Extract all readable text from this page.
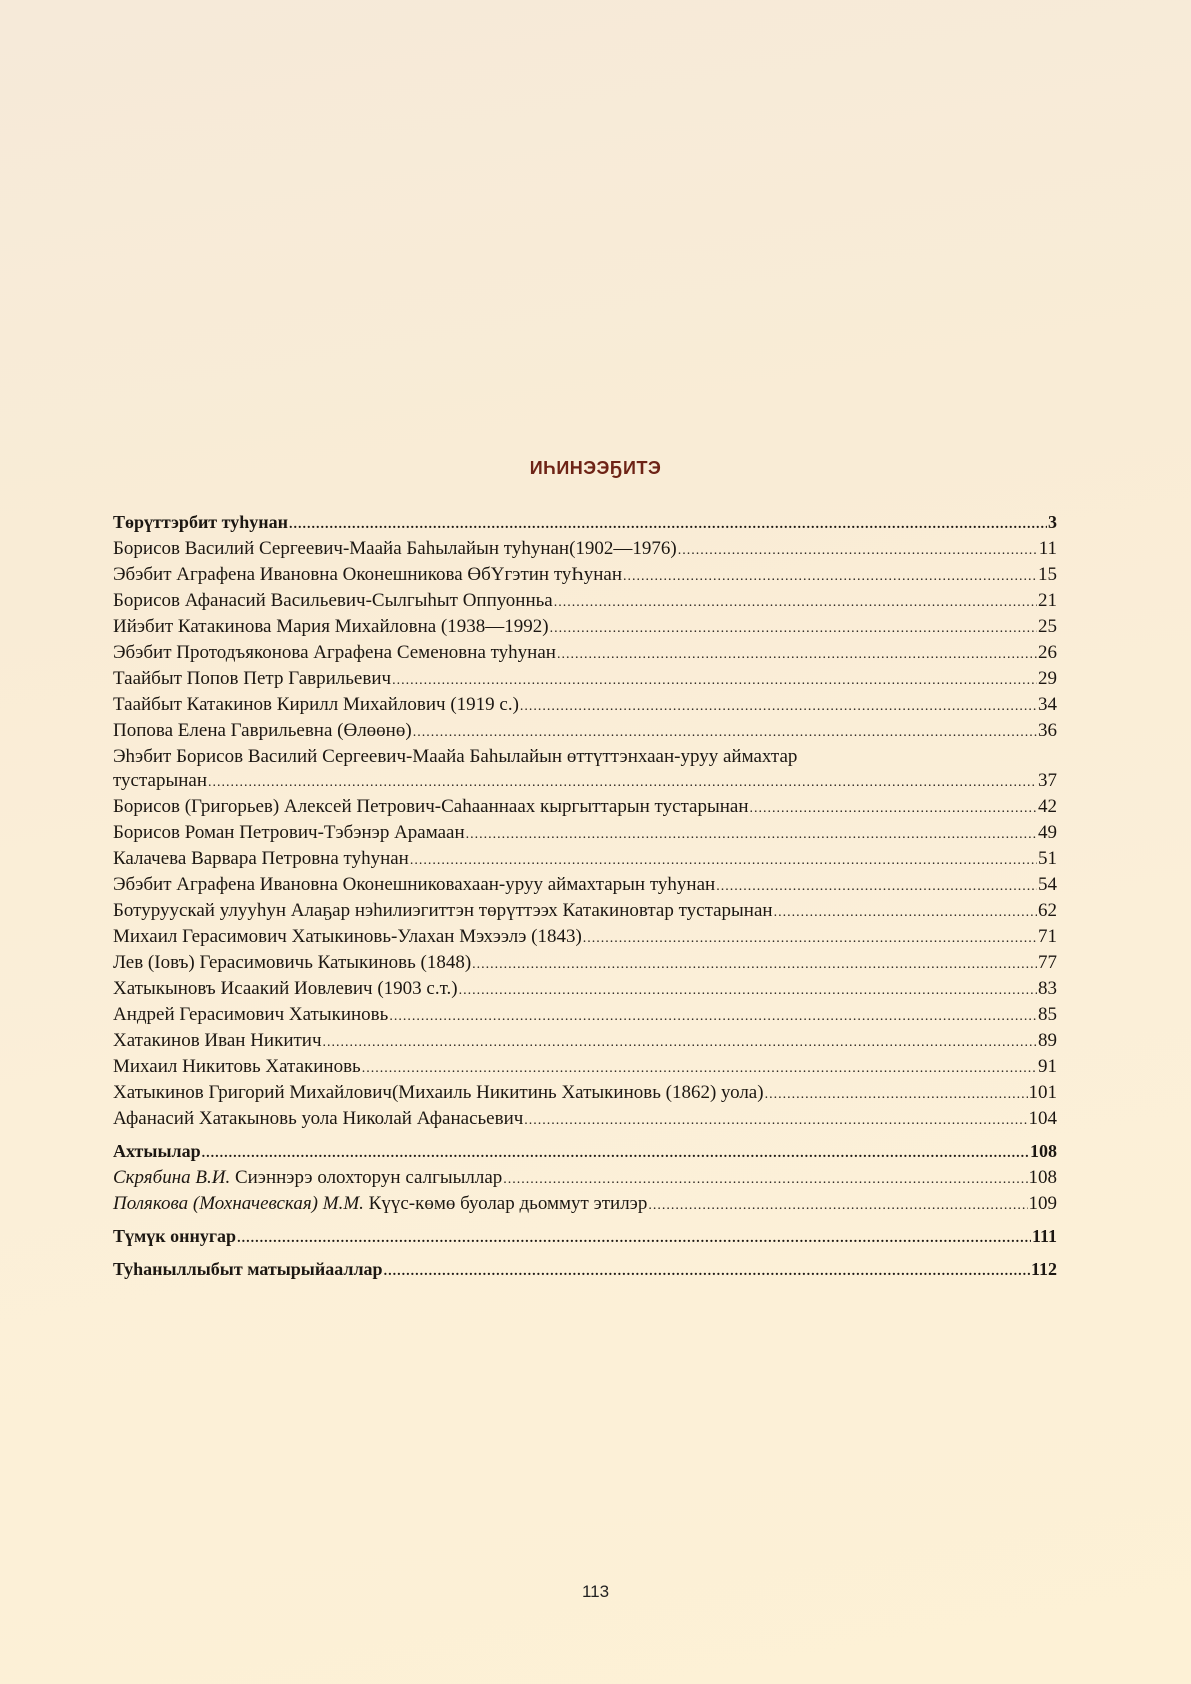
ИҺИНЭЭҔИТЭ
Төрүттэрбит туһунан .....	3
Борисов Василий Сергеевич-Маайа Баһылайын туһунан(1902—1976) .....	11
Эбэбит Аграфена Ивановна Оконешникова ӨбҮгэтин туҺунан .....	15
Борисов Афанасий Васильевич-Сылгыһыт Оппуонньа .....	21
Ийэбит Катакинова Мария Михайловна (1938—1992) .....	25
Эбэбит Протодъяконова Аграфена Семеновна туһунан .....	26
Таайбыт Попов Петр Гаврильевич .....	29
Таайбыт Катакинов Кирилл Михайлович (1919 с.) .....	34
Попова Елена Гаврильевна (Өлөөнө) .....	36
Эһэбит Борисов Василий Сергеевич-Маайа Баһылайын өттүттэнхаан-уруу аймахтар
тустарынан .....	37
Борисов (Григорьев) Алексей Петрович-Саһааннаах кыргыттарын тустарынан .....	42
Борисов Роман Петрович-Тэбэнэр Арамаан .....	49
Калачева Варвара Петровна туһунан .....	51
Эбэбит Аграфена Ивановна Оконешниковахаан-уруу аймахтарын туһунан .....	54
Ботуруускай улууһун Алаҕар нэһилиэгиттэн төрүттээх Катакиновтар тустарынан .....	62
Михаил Герасимович Хатыкиновь-Улахан Мэхээлэ (1843) .....	71
Лев (Іовъ) Герасимовичь Катыкиновь (1848) .....	77
Хатыкыновъ Исаакий Иовлевич (1903 с.т.) .....	83
Андрей Герасимович Хатыкиновь .....	85
Хатакинов Иван Никитич .....	89
Михаил Никитовь Хатакиновь .....	91
Хатыкинов Григорий Михайлович(Михаиль Никитинь Хатыкиновь (1862) уола) .....	101
Афанасий Хатакыновь уола Николай Афанасьевич .....	104
Ахтыылар .....	108
Скрябина В.И. Сиэннэрэ олохторун салгыыллар .....	108
Полякова (Мохначевская) М.М. Күүс-көмө буолар дьоммут этилэр .....	109
Түмүк оннугар .....	111
Туһаныллыбыт матырыйааллар .....	112
113
